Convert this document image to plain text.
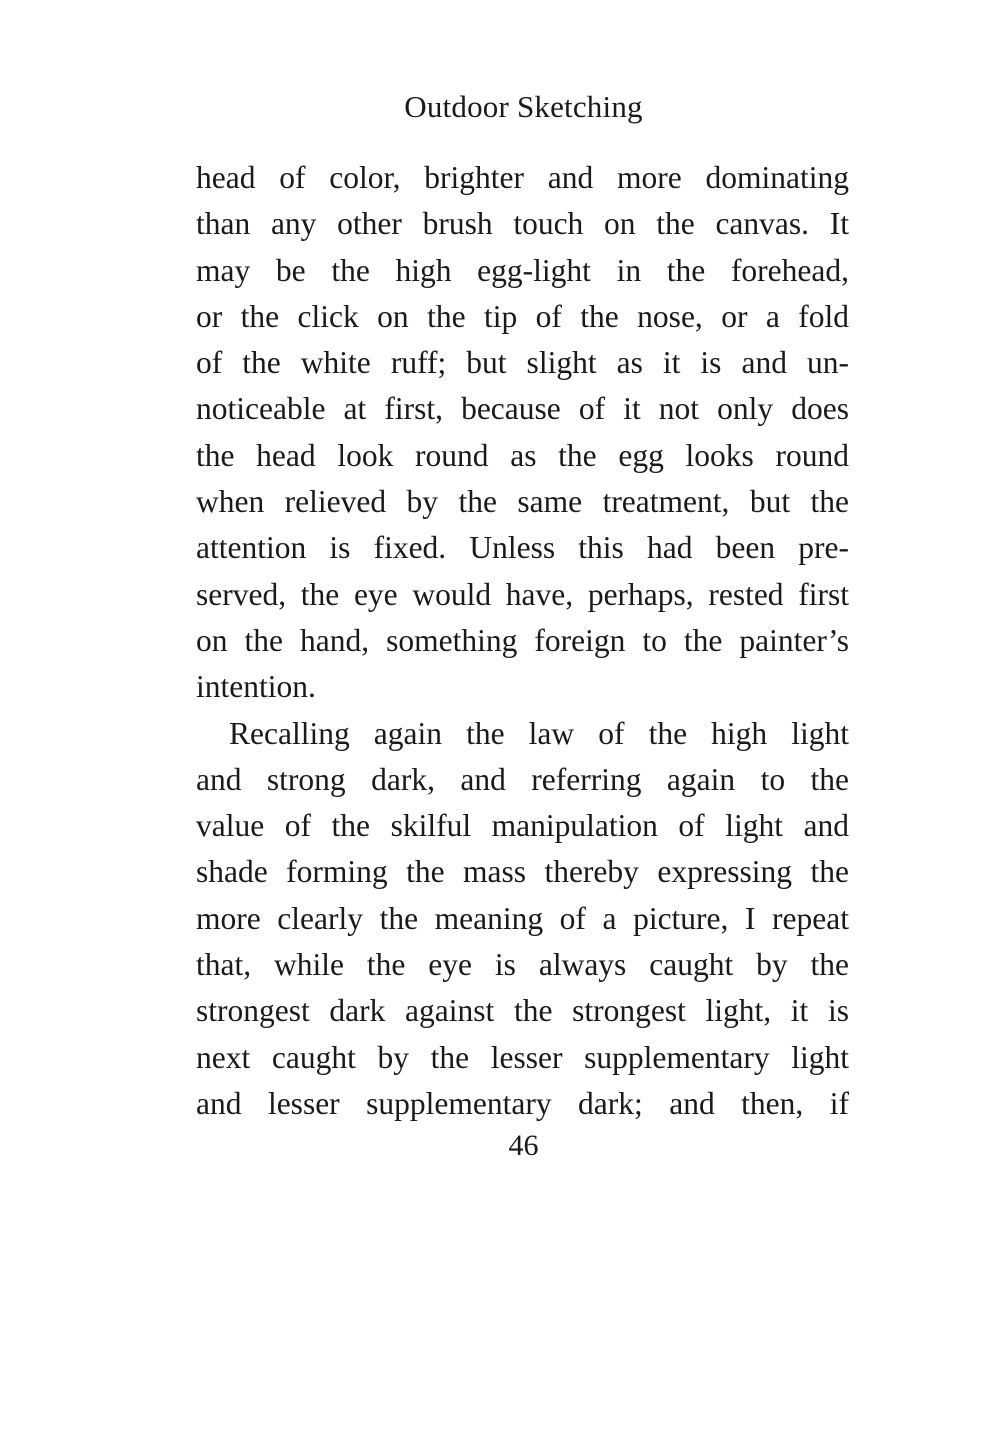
Outdoor Sketching
head of color, brighter and more dominating
than any other brush touch on the canvas. It
may be the high egg-light in the forehead,
or the click on the tip of the nose, or a fold
of the white ruff; but slight as it is and un-
noticeable at first, because of it not only does
the head look round as the egg looks round
when relieved by the same treatment, but the
attention is fixed. Unless this had been pre-
served, the eye would have, perhaps, rested first
on the hand, something foreign to the painter’s
intention.
Recalling again the law of the high light
and strong dark, and referring again to the
value of the skilful manipulation of light and
shade forming the mass thereby expressing the
more clearly the meaning of a picture, I repeat
that, while the eye is always caught by the
strongest dark against the strongest light, it is
next caught by the lesser supplementary light
and lesser supplementary dark; and then, if
46
